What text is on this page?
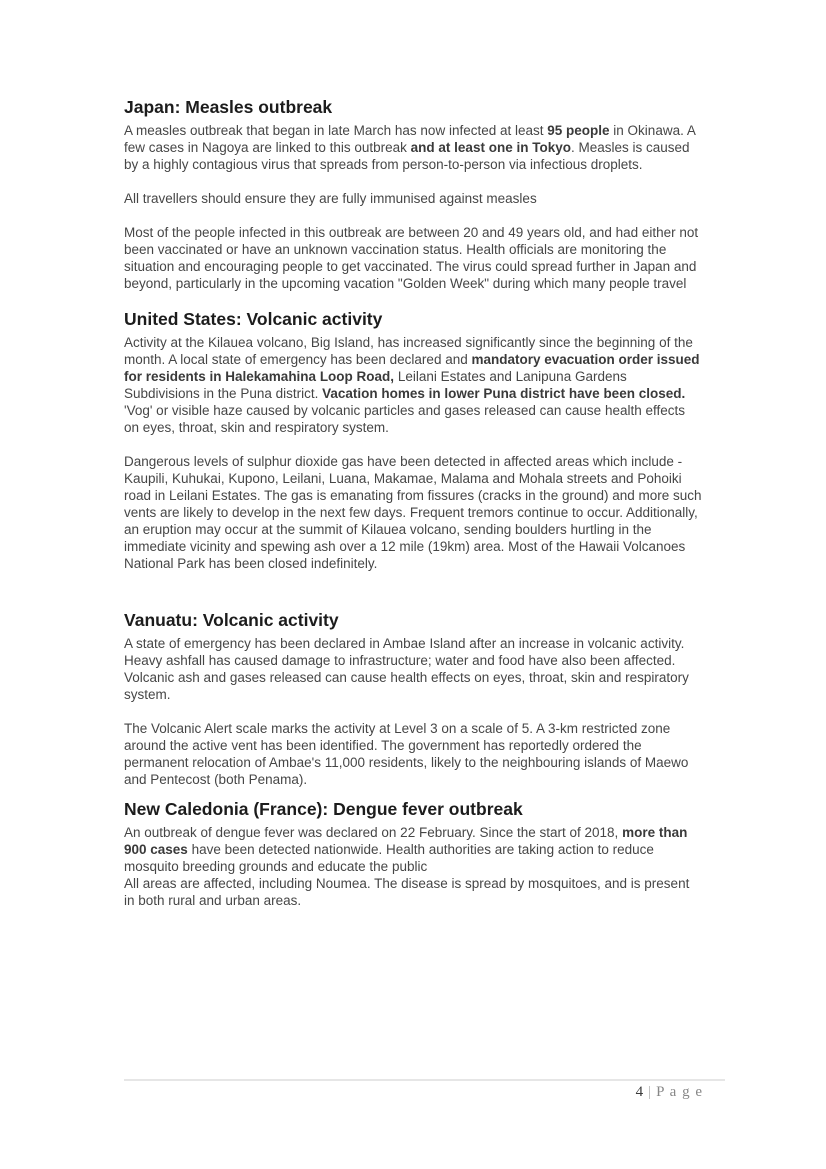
Japan: Measles outbreak

A measles outbreak that began in late March has now infected at least 95 people in Okinawa. A few cases in Nagoya are linked to this outbreak and at least one in Tokyo. Measles is caused by a highly contagious virus that spreads from person-to-person via infectious droplets.

All travellers should ensure they are fully immunised against measles

Most of the people infected in this outbreak are between 20 and 49 years old, and had either not been vaccinated or have an unknown vaccination status. Health officials are monitoring the situation and encouraging people to get vaccinated. The virus could spread further in Japan and beyond, particularly in the upcoming vacation "Golden Week" during which many people travel

United States: Volcanic activity

Activity at the Kilauea volcano, Big Island, has increased significantly since the beginning of the month. A local state of emergency has been declared and mandatory evacuation order issued for residents in Halekamahina Loop Road, Leilani Estates and Lanipuna Gardens Subdivisions in the Puna district. Vacation homes in lower Puna district have been closed. 'Vog' or visible haze caused by volcanic particles and gases released can cause health effects on eyes, throat, skin and respiratory system.

Dangerous levels of sulphur dioxide gas have been detected in affected areas which include - Kaupili, Kuhukai, Kupono, Leilani, Luana, Makamae, Malama and Mohala streets and Pohoiki road in Leilani Estates. The gas is emanating from fissures (cracks in the ground) and more such vents are likely to develop in the next few days. Frequent tremors continue to occur. Additionally, an eruption may occur at the summit of Kilauea volcano, sending boulders hurtling in the immediate vicinity and spewing ash over a 12 mile (19km) area. Most of the Hawaii Volcanoes National Park has been closed indefinitely.

Vanuatu: Volcanic activity

A state of emergency has been declared in Ambae Island after an increase in volcanic activity. Heavy ashfall has caused damage to infrastructure; water and food have also been affected. Volcanic ash and gases released can cause health effects on eyes, throat, skin and respiratory system.

The Volcanic Alert scale marks the activity at Level 3 on a scale of 5. A 3-km restricted zone around the active vent has been identified. The government has reportedly ordered the permanent relocation of Ambae's 11,000 residents, likely to the neighbouring islands of Maewo and Pentecost (both Penama).

New Caledonia (France): Dengue fever outbreak

An outbreak of dengue fever was declared on 22 February. Since the start of 2018, more than 900 cases have been detected nationwide. Health authorities are taking action to reduce mosquito breeding grounds and educate the public
All areas are affected, including Noumea. The disease is spread by mosquitoes, and is present in both rural and urban areas.

4 | P a g e
